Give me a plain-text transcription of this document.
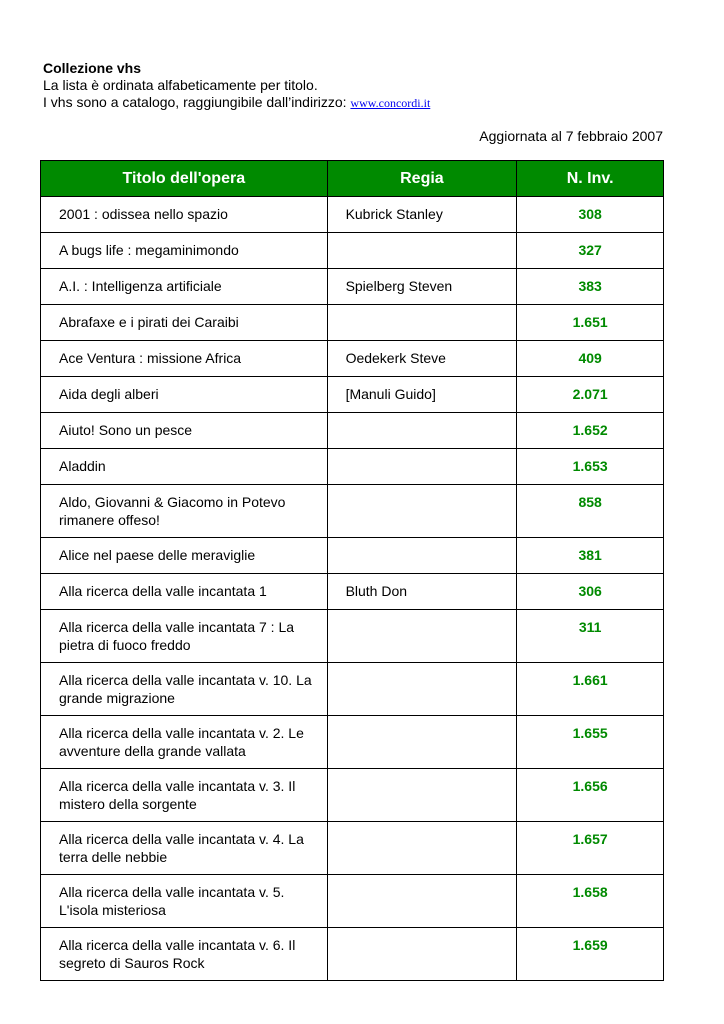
Collezione vhs
La lista è ordinata alfabeticamente per titolo.
I vhs sono a catalogo, raggiungibile dall’indirizzo: www.concordi.it
Aggiornata al 7 febbraio 2007
Titolo dell'opera	Regia	N. Inv.
2001 : odissea nello spazio	Kubrick Stanley	308
A bugs life : megaminimondo		327
A.I. : Intelligenza artificiale	Spielberg Steven	383
Abrafaxe e i pirati dei Caraibi		1.651
Ace Ventura : missione Africa	Oedekerk Steve	409
Aida degli alberi	[Manuli Guido]	2.071
Aiuto! Sono un pesce		1.652
Aladdin		1.653
Aldo, Giovanni & Giacomo in Potevo rimanere offeso!		858
Alice nel paese delle meraviglie		381
Alla ricerca della valle incantata 1	Bluth Don	306
Alla ricerca della valle incantata 7 : La pietra di fuoco freddo		311
Alla ricerca della valle incantata v. 10. La grande migrazione		1.661
Alla ricerca della valle incantata v. 2. Le avventure della grande vallata		1.655
Alla ricerca della valle incantata v. 3. Il mistero della sorgente		1.656
Alla ricerca della valle incantata v. 4. La terra delle nebbie		1.657
Alla ricerca della valle incantata v. 5. L'isola misteriosa		1.658
Alla ricerca della valle incantata v. 6. Il segreto di Sauros Rock		1.659
